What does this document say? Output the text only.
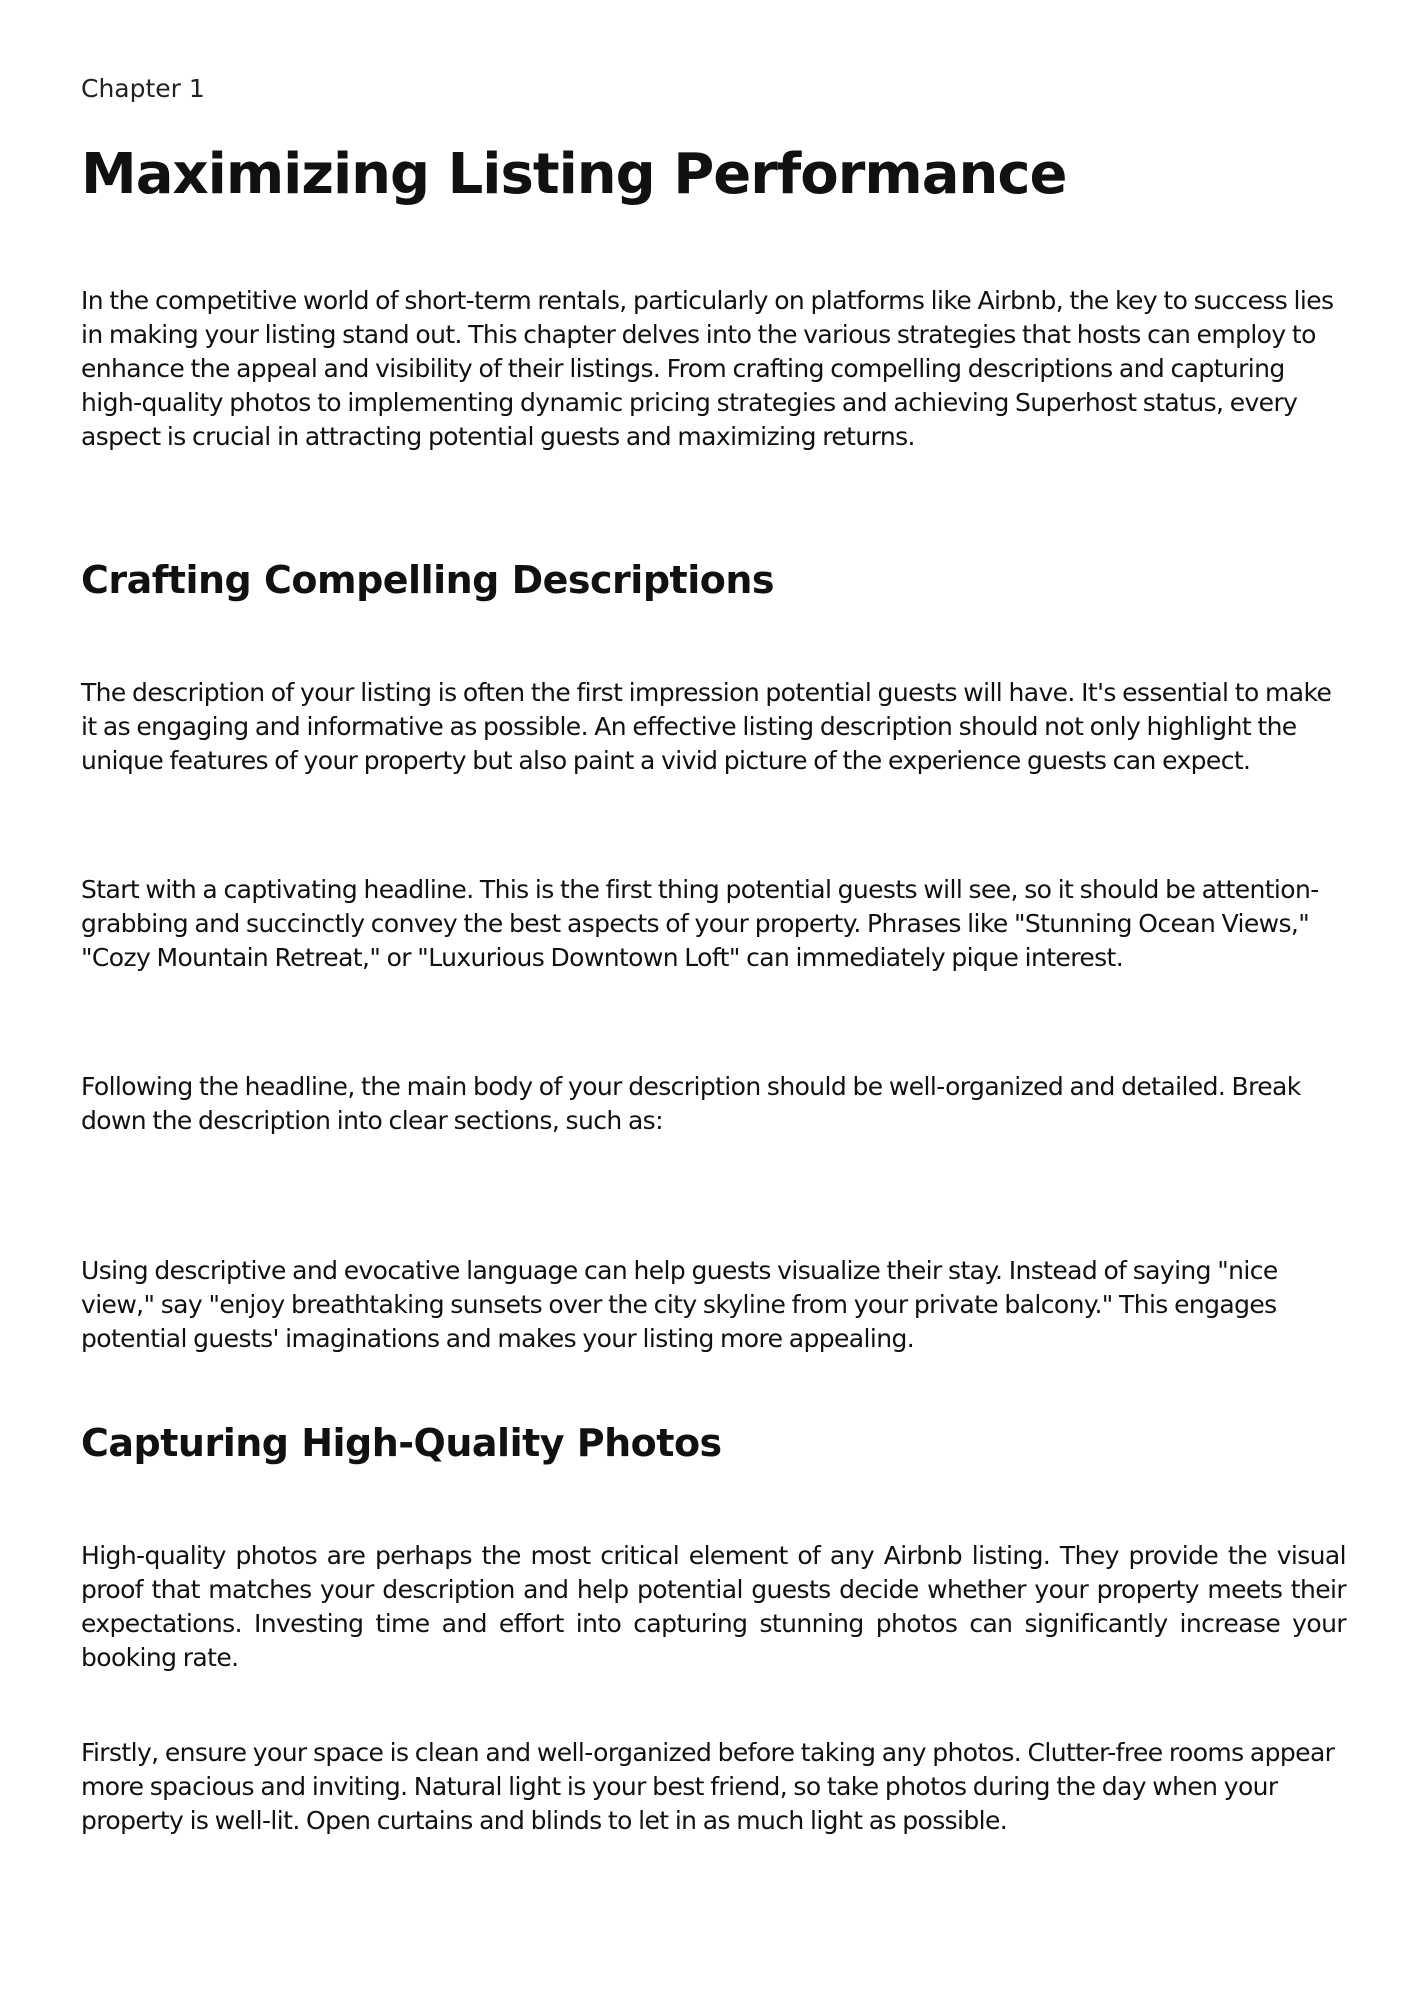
Chapter 1

Maximizing Listing Performance

In the competitive world of short-term rentals, particularly on platforms like Airbnb, the key to success lies in making your listing stand out. This chapter delves into the various strategies that hosts can employ to enhance the appeal and visibility of their listings. From crafting compelling descriptions and capturing high-quality photos to implementing dynamic pricing strategies and achieving Superhost status, every aspect is crucial in attracting potential guests and maximizing returns.

Crafting Compelling Descriptions

The description of your listing is often the first impression potential guests will have. It's essential to make it as engaging and informative as possible. An effective listing description should not only highlight the unique features of your property but also paint a vivid picture of the experience guests can expect.

Start with a captivating headline. This is the first thing potential guests will see, so it should be attention-grabbing and succinctly convey the best aspects of your property. Phrases like "Stunning Ocean Views," "Cozy Mountain Retreat," or "Luxurious Downtown Loft" can immediately pique interest.

Following the headline, the main body of your description should be well-organized and detailed. Break down the description into clear sections, such as:

Using descriptive and evocative language can help guests visualize their stay. Instead of saying "nice view," say "enjoy breathtaking sunsets over the city skyline from your private balcony." This engages potential guests' imaginations and makes your listing more appealing.

Capturing High-Quality Photos

High-quality photos are perhaps the most critical element of any Airbnb listing. They provide the visual proof that matches your description and help potential guests decide whether your property meets their expectations. Investing time and effort into capturing stunning photos can significantly increase your booking rate.

Firstly, ensure your space is clean and well-organized before taking any photos. Clutter-free rooms appear more spacious and inviting. Natural light is your best friend, so take photos during the day when your property is well-lit. Open curtains and blinds to let in as much light as possible.
